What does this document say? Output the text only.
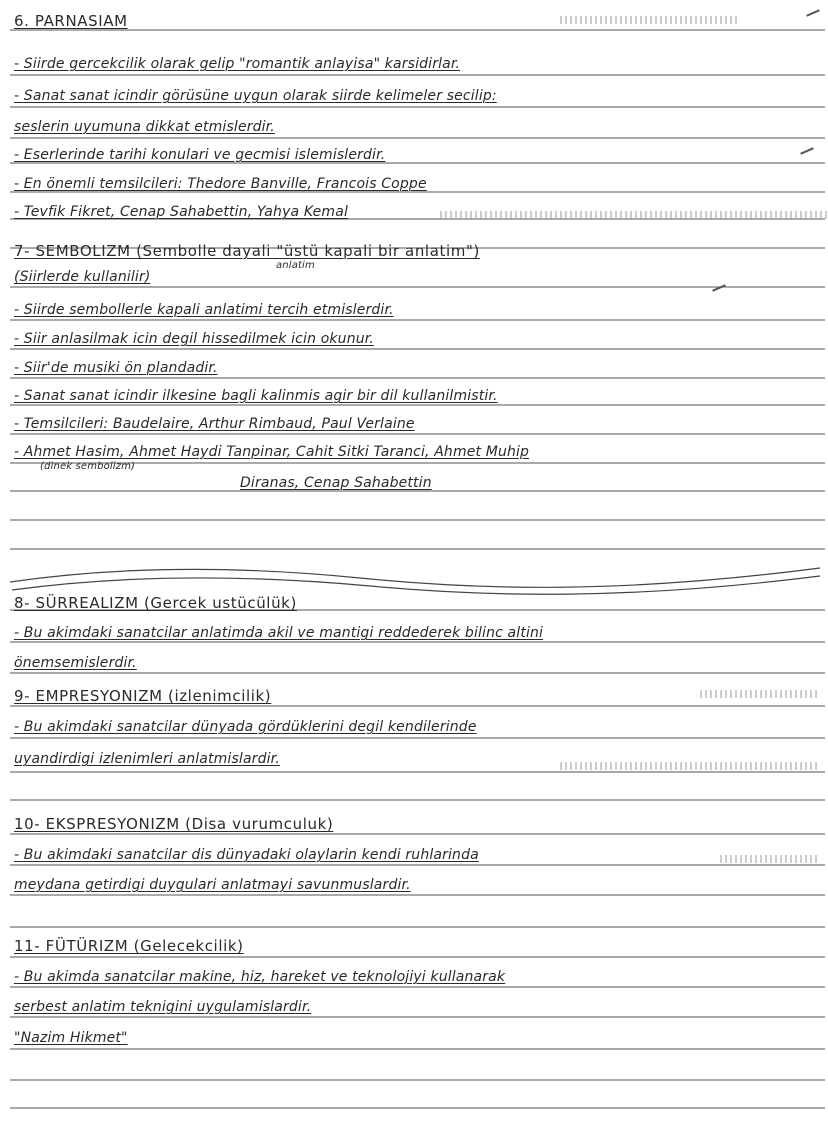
6. PARNASIAM
- Siirde gercekcilik olarak gelip "romantik anlayisa" karsidirlar.
- Sanat sanat icindir görüsüne uygun olarak siirde kelimeler secilip:
seslerin uyumuna dikkat etmislerdir.
- Eserlerinde tarihi konulari ve gecmisi islemislerdir.
- En önemli temsilcileri: Thedore Banville, Francois Coppe
- Tevfik Fikret, Cenap Sahabettin, Yahya Kemal
7- SEMBOLIZM (Sembolle dayali "üstü kapali bir anlatim")
(Siirlerde kullanilir)
anlatim
- Siirde sembollerle kapali anlatimi tercih etmislerdir.
- Siir anlasilmak icin degil hissedilmek icin okunur.
- Siir'de musiki ön plandadir.
- Sanat sanat icindir ilkesine bagli kalinmis agir bir dil kullanilmistir.
- Temsilcileri: Baudelaire, Arthur Rimbaud, Paul Verlaine
- Ahmet Hasim, Ahmet Haydi Tanpinar, Cahit Sitki Taranci, Ahmet Muhip
(dinek sembolizm)
Diranas, Cenap Sahabettin
8- SÜRREALIZM (Gercek ustücülük)
- Bu akimdaki sanatcilar anlatimda akil ve mantigi reddederek bilinc altini
önemsemislerdir.
9- EMPRESYONIZM (izlenimcilik)
- Bu akimdaki sanatcilar dünyada gördüklerini degil kendilerinde
uyandirdigi izlenimleri anlatmislardir.
10- EKSPRESYONIZM (Disa vurumculuk)
- Bu akimdaki sanatcilar dis dünyadaki olaylarin kendi ruhlarinda
meydana getirdigi duygulari anlatmayi savunmuslardir.
11- FÜTÜRIZM (Gelecekcilik)
- Bu akimda sanatcilar makine, hiz, hareket ve teknolojiyi kullanarak
serbest anlatim teknigini uygulamislardir.
"Nazim Hikmet"
